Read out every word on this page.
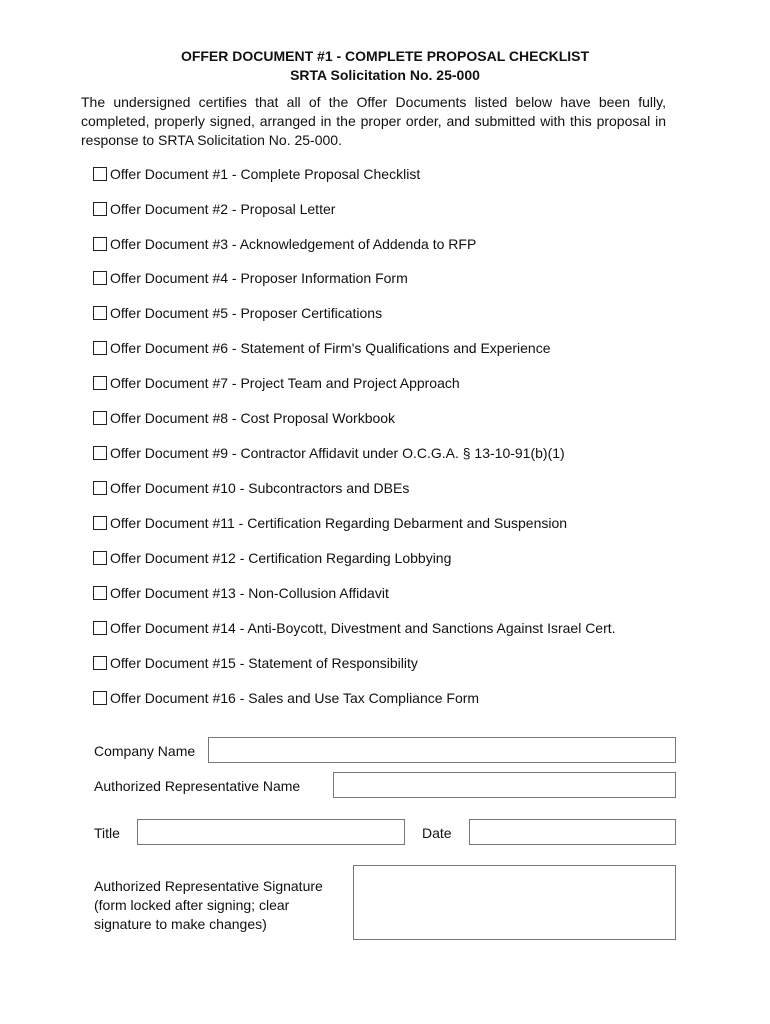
OFFER DOCUMENT #1 - COMPLETE PROPOSAL CHECKLIST
SRTA Solicitation No. 25-000
The undersigned certifies that all of the Offer Documents listed below have been fully, completed, properly signed, arranged in the proper order, and submitted with this proposal in response to SRTA Solicitation No. 25-000.
Offer Document #1 - Complete Proposal Checklist
Offer Document #2 - Proposal Letter
Offer Document #3 - Acknowledgement of Addenda to RFP
Offer Document #4 - Proposer Information Form
Offer Document #5 - Proposer Certifications
Offer Document #6 - Statement of Firm's Qualifications and Experience
Offer Document #7 - Project Team and Project Approach
Offer Document #8 - Cost Proposal Workbook
Offer Document #9 - Contractor Affidavit under O.C.G.A. § 13-10-91(b)(1)
Offer Document #10 - Subcontractors and DBEs
Offer Document #11 - Certification Regarding Debarment and Suspension
Offer Document #12 - Certification Regarding Lobbying
Offer Document #13 - Non-Collusion Affidavit
Offer Document #14 - Anti-Boycott, Divestment and Sanctions Against Israel Cert.
Offer Document #15 - Statement of Responsibility
Offer Document #16 - Sales and Use Tax Compliance Form
Company Name
Authorized Representative Name
Title	Date
Authorized Representative Signature
(form locked after signing; clear
signature to make changes)
